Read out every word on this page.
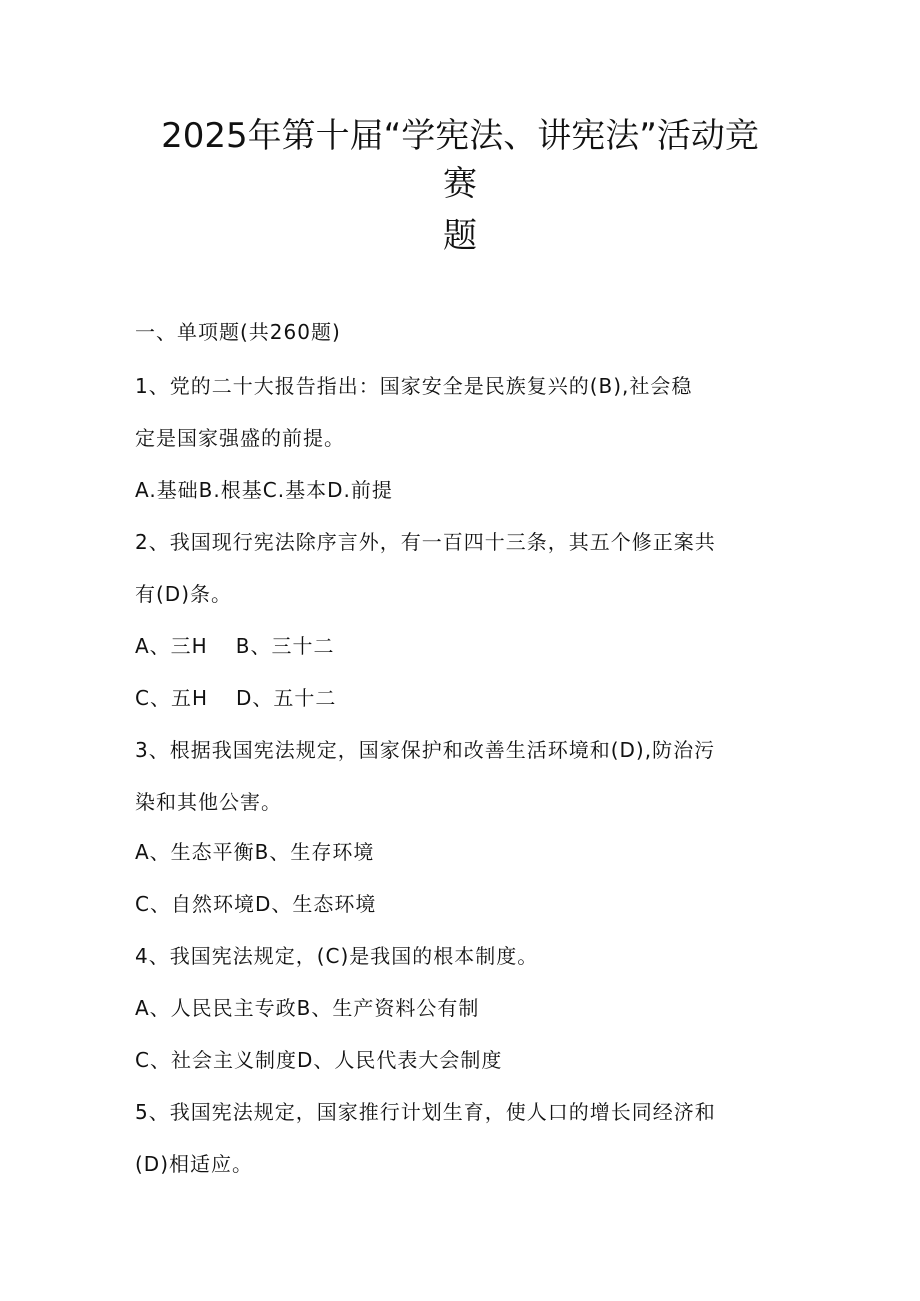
2025年第十届“学宪法、讲宪法”活动竞
赛
题
一、单项题(共260题)
1、党的二十大报告指出：国家安全是民族复兴的(B),社会稳
定是国家强盛的前提。
A.基础B.根基C.基本D.前提
2、我国现行宪法除序言外，有一百四十三条，其五个修正案共
有(D)条。
A、三H B、三十二
C、五H D、五十二
3、根据我国宪法规定，国家保护和改善生活环境和(D),防治污
染和其他公害。
A、生态平衡B、生存环境
C、自然环境D、生态环境
4、我国宪法规定，(C)是我国的根本制度。
A、人民民主专政B、生产资料公有制
C、社会主义制度D、人民代表大会制度
5、我国宪法规定，国家推行计划生育，使人口的增长同经济和
(D)相适应。
